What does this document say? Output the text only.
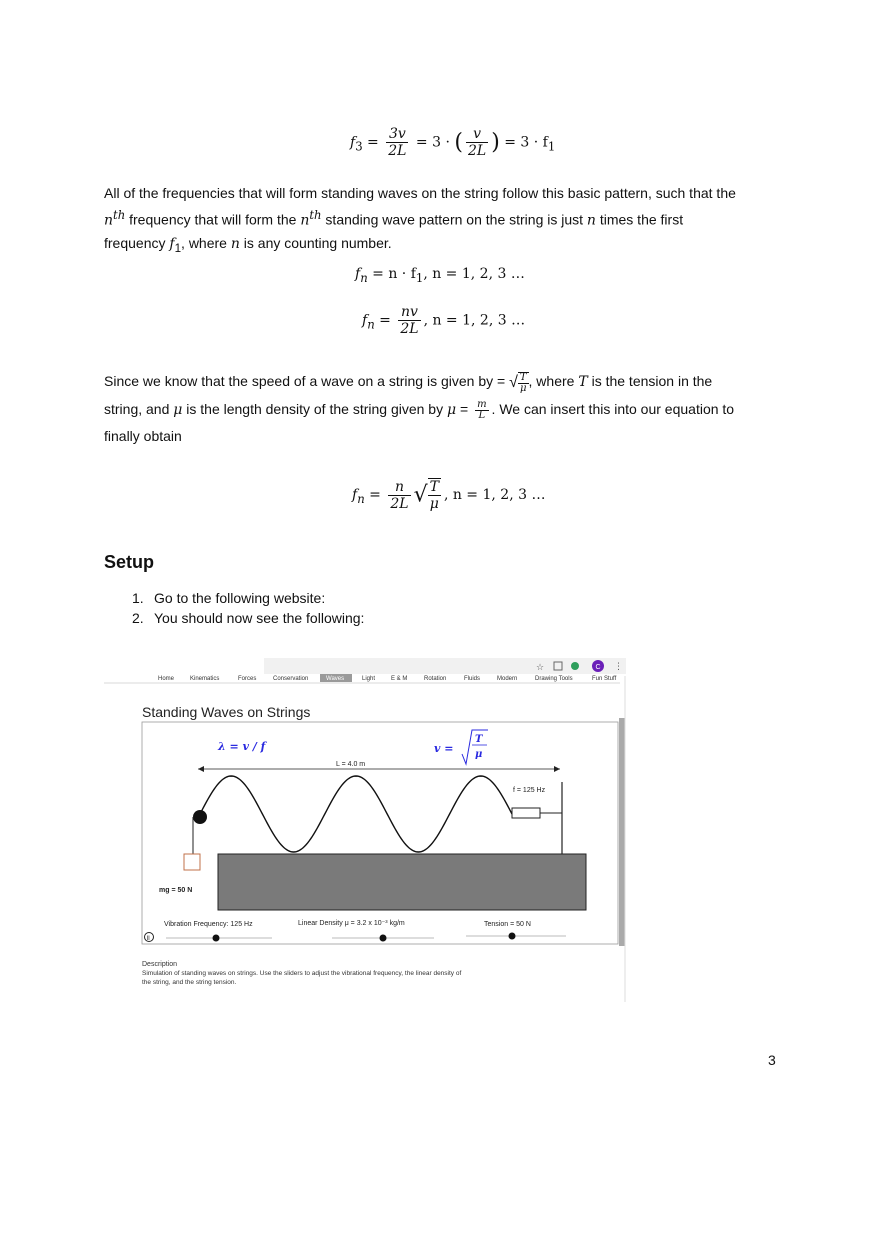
$f_3 = \frac{3v}{2L} = 3$ · ( $\frac{v}{2L}$ ) = $3 \cdot f_1$
All of the frequencies that will form standing waves on the string follow this basic pattern, such that the
$n^{th}$ frequency that will form the $n^{th}$ standing wave pattern on the string is just n times the first
frequency $f_1$, where n is any counting number.
$f_n = n \cdot f_1$, n = 1, 2, 3 …
$f_n = \frac{nv}{2L}$ , n = 1, 2, 3 …
Since we know that the speed of a wave on a string is given by = √ $\frac{T}{\mu}$ , where T is the tension in the
string, and μ is the length density of the string given by $\mu = \frac{m}{L}$ . We can insert this into our equation to
finally obtain
$f_n = \frac{n}{2L}$ √ $\frac{T}{\mu}$ , n = 1, 2, 3 …
Setup
1. Go to the following website:
2. You should now see the following:
☆	C ⋮
Home	Kinematics	Forces	Conservation	Waves	Light	E & M	Rotation	Fluids	Modern	Drawing Tools	Fun Stuff
Standing Waves on Strings
λ = v / f	v =
T
μ
L = 4.0 m
f = 125 Hz
mg = 50 N
II
Vibration Frequency: 125 Hz	Linear Density μ = 3.2 x 10⁻³ kg/m	Tension = 50 N
Description
Simulation of standing waves on strings. Use the sliders to adjust the vibrational frequency, the linear density of
the string, and the string tension.
3
